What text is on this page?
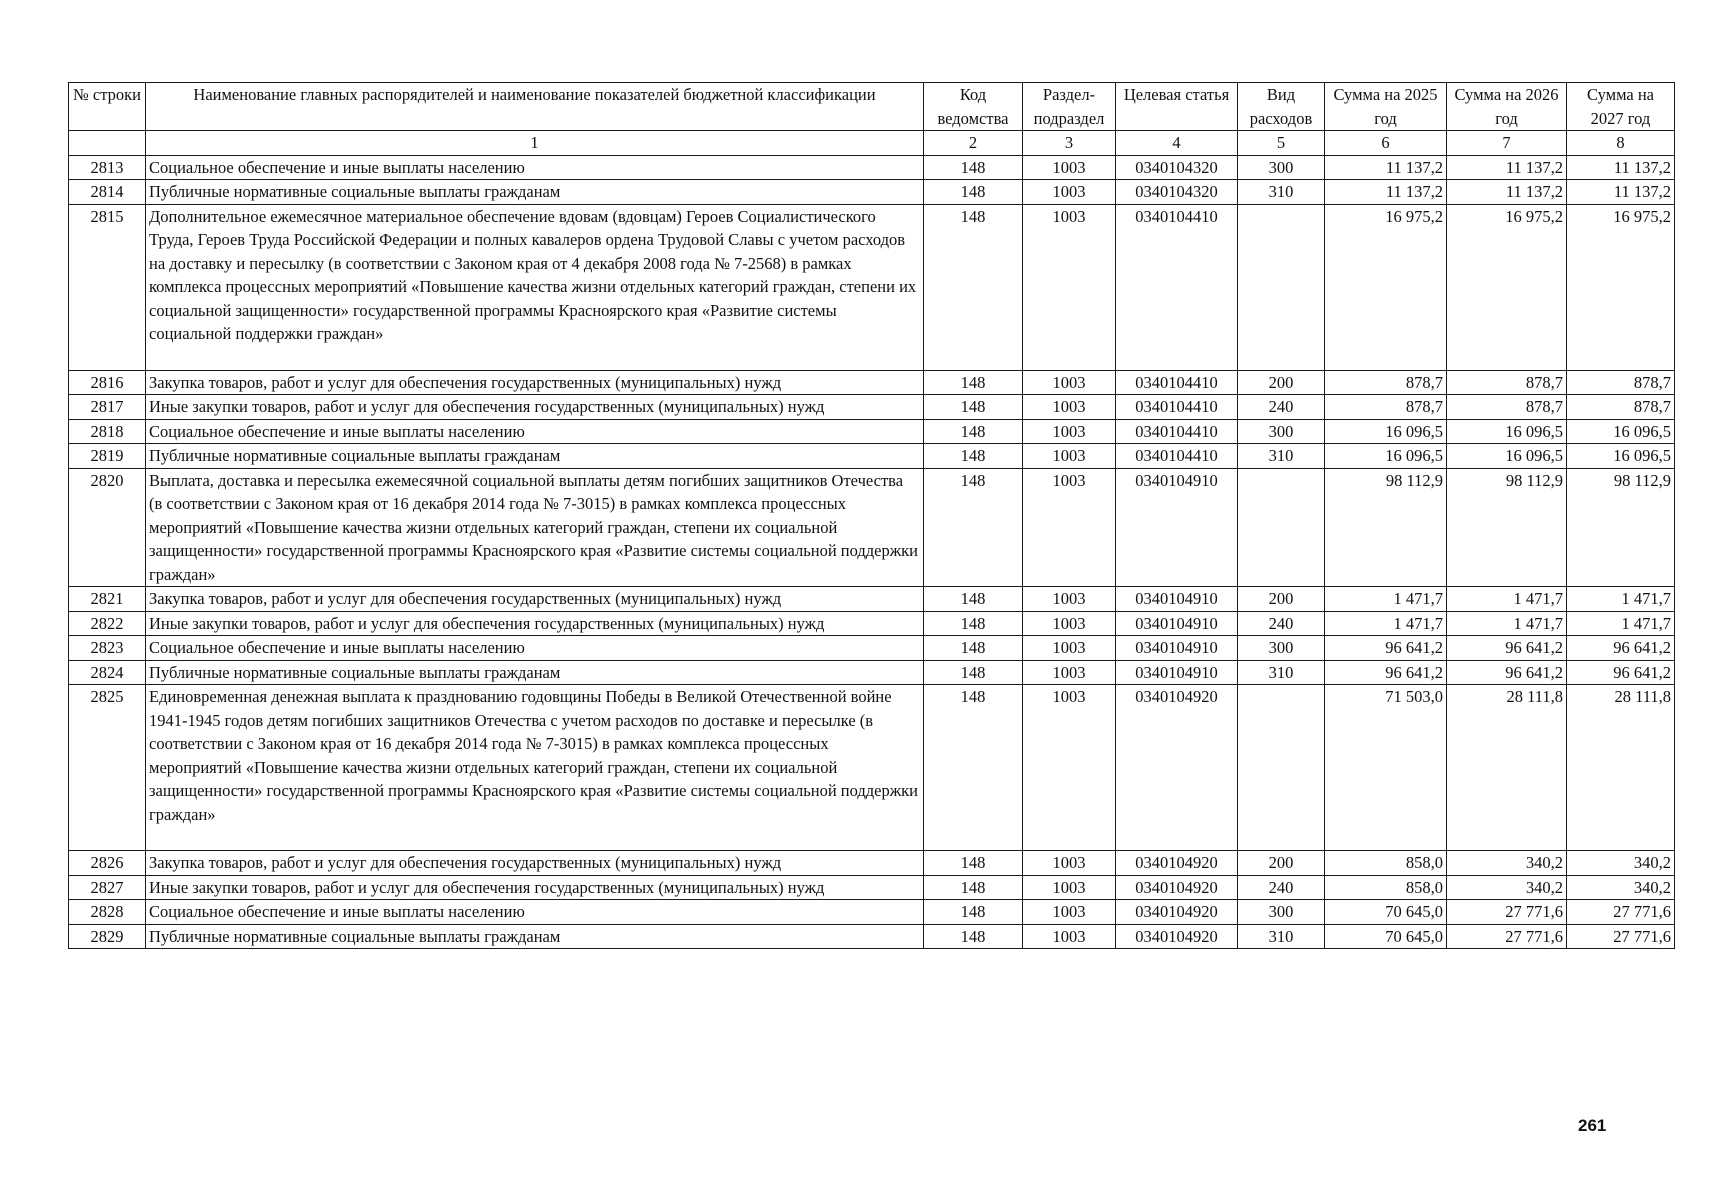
№ строки	Наименование главных распорядителей и наименование показателей бюджетной классификации	Код ведомства	Раздел-подраздел	Целевая статья	Вид расходов	Сумма на 2025 год	Сумма на 2026 год	Сумма на 2027 год
	1	2	3	4	5	6	7	8
2813	Социальное обеспечение и иные выплаты населению	148	1003	0340104320	300	11 137,2	11 137,2	11 137,2
2814	Публичные нормативные социальные выплаты гражданам	148	1003	0340104320	310	11 137,2	11 137,2	11 137,2
2815	Дополнительное ежемесячное материальное обеспечение вдовам (вдовцам) Героев Социалистического Труда, Героев Труда Российской Федерации и полных кавалеров ордена Трудовой Славы с учетом расходов на доставку и пересылку (в соответствии с Законом края от 4 декабря 2008 года № 7-2568) в рамках комплекса процессных мероприятий «Повышение качества жизни отдельных категорий граждан, степени их социальной защищенности» государственной программы Красноярского края «Развитие системы социальной поддержки граждан»	148	1003	0340104410		16 975,2	16 975,2	16 975,2
2816	Закупка товаров, работ и услуг для обеспечения государственных (муниципальных) нужд	148	1003	0340104410	200	878,7	878,7	878,7
2817	Иные закупки товаров, работ и услуг для обеспечения государственных (муниципальных) нужд	148	1003	0340104410	240	878,7	878,7	878,7
2818	Социальное обеспечение и иные выплаты населению	148	1003	0340104410	300	16 096,5	16 096,5	16 096,5
2819	Публичные нормативные социальные выплаты гражданам	148	1003	0340104410	310	16 096,5	16 096,5	16 096,5
2820	Выплата, доставка и пересылка ежемесячной социальной выплаты детям погибших защитников Отечества (в соответствии с Законом края от 16 декабря 2014 года № 7-3015) в рамках комплекса процессных мероприятий «Повышение качества жизни отдельных категорий граждан, степени их социальной защищенности» государственной программы Красноярского края «Развитие системы социальной поддержки граждан»	148	1003	0340104910		98 112,9	98 112,9	98 112,9
2821	Закупка товаров, работ и услуг для обеспечения государственных (муниципальных) нужд	148	1003	0340104910	200	1 471,7	1 471,7	1 471,7
2822	Иные закупки товаров, работ и услуг для обеспечения государственных (муниципальных) нужд	148	1003	0340104910	240	1 471,7	1 471,7	1 471,7
2823	Социальное обеспечение и иные выплаты населению	148	1003	0340104910	300	96 641,2	96 641,2	96 641,2
2824	Публичные нормативные социальные выплаты гражданам	148	1003	0340104910	310	96 641,2	96 641,2	96 641,2
2825	Единовременная денежная выплата к празднованию годовщины Победы в Великой Отечественной войне 1941-1945 годов детям погибших защитников Отечества с учетом расходов по доставке и пересылке (в соответствии с Законом края от 16 декабря 2014 года № 7-3015) в рамках комплекса процессных мероприятий «Повышение качества жизни отдельных категорий граждан, степени их социальной защищенности» государственной программы Красноярского края «Развитие системы социальной поддержки граждан»	148	1003	0340104920		71 503,0	28 111,8	28 111,8
2826	Закупка товаров, работ и услуг для обеспечения государственных (муниципальных) нужд	148	1003	0340104920	200	858,0	340,2	340,2
2827	Иные закупки товаров, работ и услуг для обеспечения государственных (муниципальных) нужд	148	1003	0340104920	240	858,0	340,2	340,2
2828	Социальное обеспечение и иные выплаты населению	148	1003	0340104920	300	70 645,0	27 771,6	27 771,6
2829	Публичные нормативные социальные выплаты гражданам	148	1003	0340104920	310	70 645,0	27 771,6	27 771,6
261
